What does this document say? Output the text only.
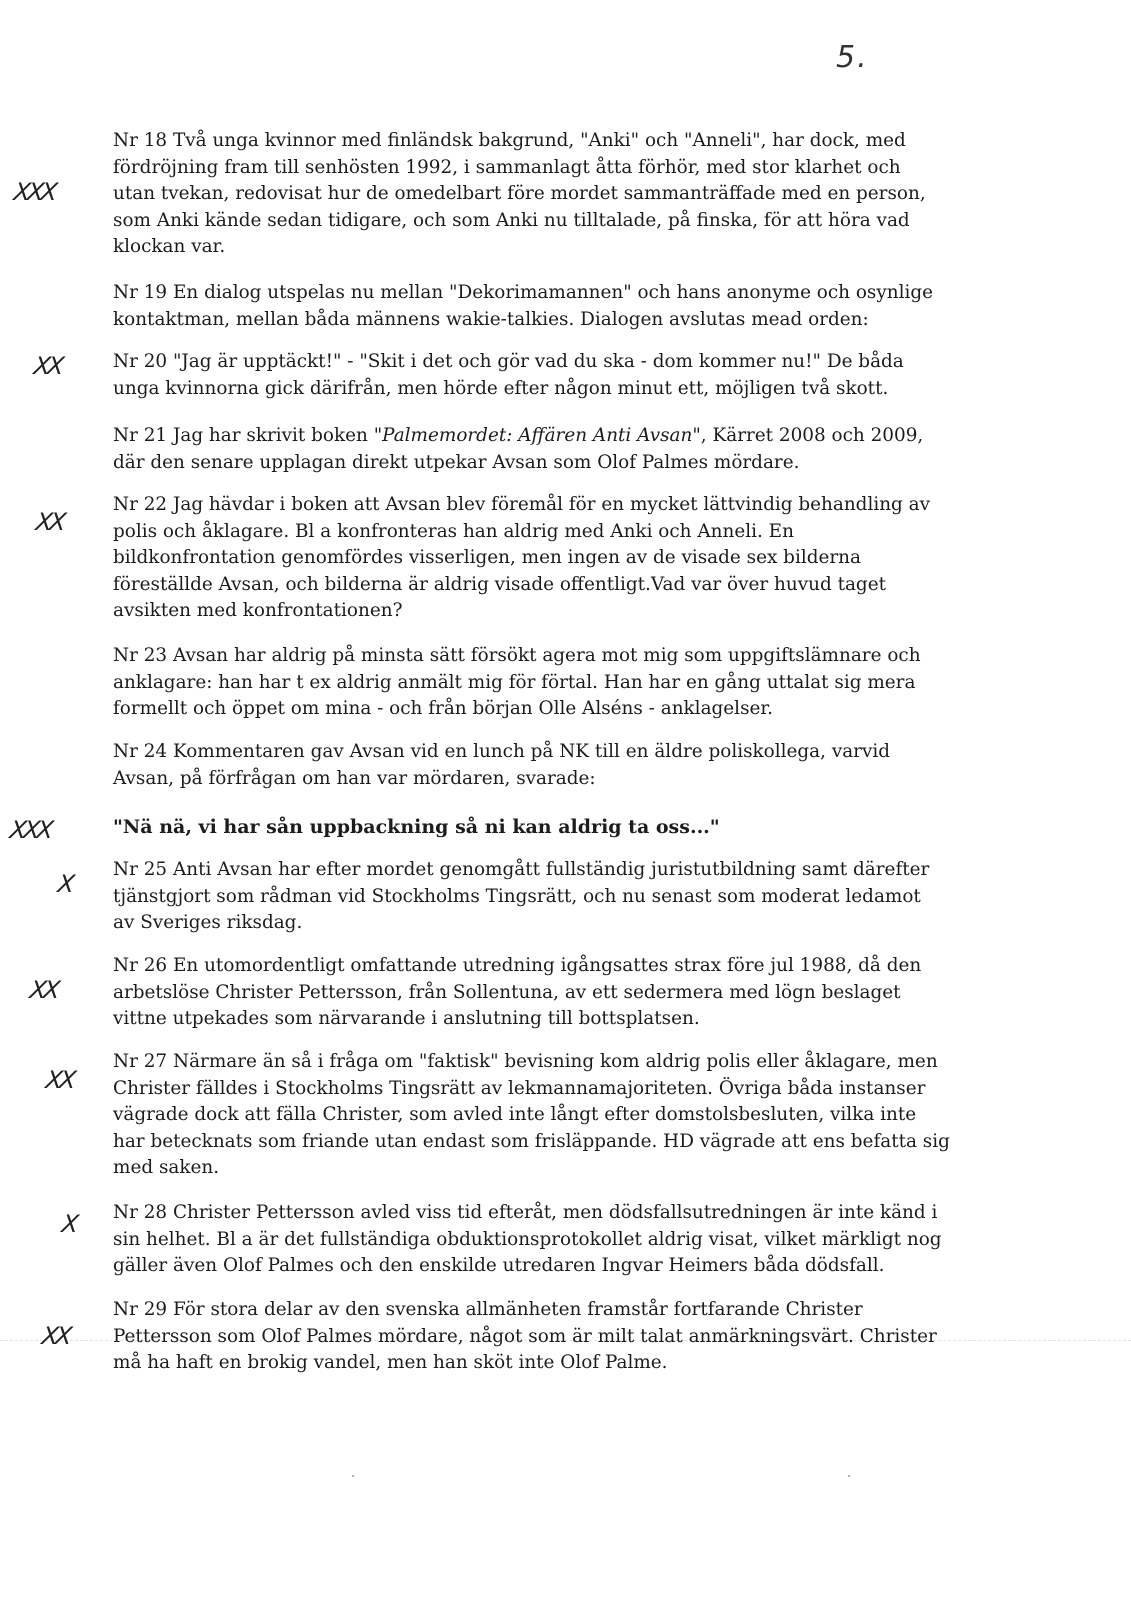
5.
XXX
Nr 18 Två unga kvinnor med finländsk bakgrund, "Anki" och "Anneli", har dock, med
fördröjning fram till senhösten 1992, i sammanlagt åtta förhör, med stor klarhet och
utan tvekan, redovisat hur de omedelbart före mordet sammanträffade med en person,
som Anki kände sedan tidigare, och som Anki nu tilltalade, på finska, för att höra vad
klockan var.
Nr 19 En dialog utspelas nu mellan "Dekorimamannen" och hans anonyme och osynlige
kontaktman, mellan båda männens wakie-talkies. Dialogen avslutas mead orden:
XX	Nr 20 "Jag är upptäckt!" - "Skit i det och gör vad du ska - dom kommer nu!" De båda
unga kvinnorna gick därifrån, men hörde efter någon minut ett, möjligen två skott.
Nr 21 Jag har skrivit boken "Palmemordet: Affären Anti Avsan", Kärret 2008 och 2009,
där den senare upplagan direkt utpekar Avsan som Olof Palmes mördare.
XX
Nr 22 Jag hävdar i boken att Avsan blev föremål för en mycket lättvindig behandling av
polis och åklagare. Bl a konfronteras han aldrig med Anki och Anneli. En
bildkonfrontation genomfördes visserligen, men ingen av de visade sex bilderna
föreställde Avsan, och bilderna är aldrig visade offentligt.Vad var över huvud taget
avsikten med konfrontationen?
Nr 23 Avsan har aldrig på minsta sätt försökt agera mot mig som uppgiftslämnare och
anklagare: han har t ex aldrig anmält mig för förtal. Han har en gång uttalat sig mera
formellt och öppet om mina - och från början Olle Alséns - anklagelser.
Nr 24 Kommentaren gav Avsan vid en lunch på NK till en äldre poliskollega, varvid
Avsan, på förfrågan om han var mördaren, svarade:
XXX	"Nä nä, vi har sån uppbackning så ni kan aldrig ta oss..."
X
Nr 25 Anti Avsan har efter mordet genomgått fullständig juristutbildning samt därefter
tjänstgjort som rådman vid Stockholms Tingsrätt, och nu senast som moderat ledamot
av Sveriges riksdag.
XX
Nr 26 En utomordentligt omfattande utredning igångsattes strax före jul 1988, då den
arbetslöse Christer Pettersson, från Sollentuna, av ett sedermera med lögn beslaget
vittne utpekades som närvarande i anslutning till bottsplatsen.
XX
Nr 27 Närmare än så i fråga om "faktisk" bevisning kom aldrig polis eller åklagare, men
Christer fälldes i Stockholms Tingsrätt av lekmannamajoriteten. Övriga båda instanser
vägrade dock att fälla Christer, som avled inte långt efter domstolsbesluten, vilka inte
har betecknats som friande utan endast som frisläppande. HD vägrade att ens befatta sig
med saken.
X Nr 28 Christer Pettersson avled viss tid efteråt, men dödsfallsutredningen är inte känd i
sin helhet. Bl a är det fullständiga obduktionsprotokollet aldrig visat, vilket märkligt nog
gäller även Olof Palmes och den enskilde utredaren Ingvar Heimers båda dödsfall.
XX
Nr 29 För stora delar av den svenska allmänheten framstår fortfarande Christer
Pettersson som Olof Palmes mördare, något som är milt talat anmärkningsvärt. Christer
må ha haft en brokig vandel, men han sköt inte Olof Palme.
